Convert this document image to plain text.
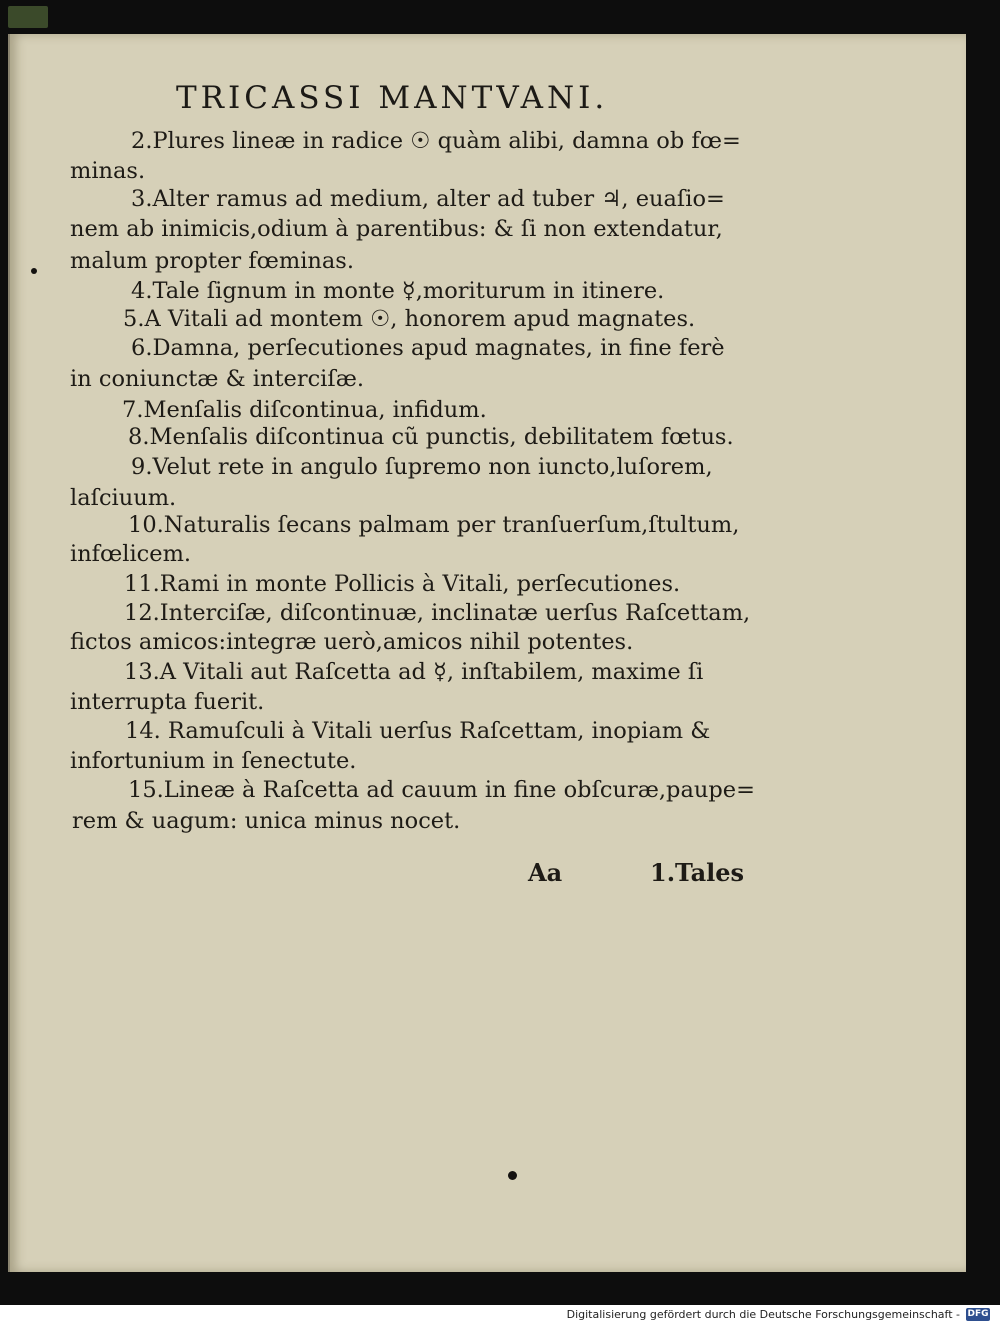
TRICASSI MANTVANI.
2.Plures lineæ in radice ☉ quàm alibi, damna ob fœ=
minas.
3.Alter ramus ad medium, alter ad tuber ♃, euaſio=
nem ab inimicis,odium à parentibus: & ſi non extendatur,
malum propter fœminas.
4.Tale ſignum in monte ☿,moriturum in itinere.
5.A Vitali ad montem ☉, honorem apud magnates.
6.Damna, perſecutiones apud magnates, in fine ferè
in coniunctæ & interciſæ.
7.Menſalis diſcontinua, infidum.
8.Menſalis diſcontinua cũ punctis, debilitatem fœtus.
9.Velut rete in angulo ſupremo non iuncto,luſorem,
laſciuum.
10.Naturalis ſecans palmam per tranſuerſum,ſtultum,
infœlicem.
11.Rami in monte Pollicis à Vitali, perſecutiones.
12.Interciſæ, diſcontinuæ, inclinatæ uerſus Raſcettam,
fictos amicos:integræ uerò,amicos nihil potentes.
13.A Vitali aut Raſcetta ad ☿, inſtabilem, maxime ſi
interrupta fuerit.
14. Ramuſculi à Vitali uerſus Raſcettam, inopiam &
infortunium in ſenectute.
15.Lineæ à Raſcetta ad cauum in fine obſcuræ,paupe=
rem & uagum: unica minus nocet.
Aa	1.Tales
Digitalisierung gefördert durch die Deutsche Forschungsgemeinschaft - DFG
